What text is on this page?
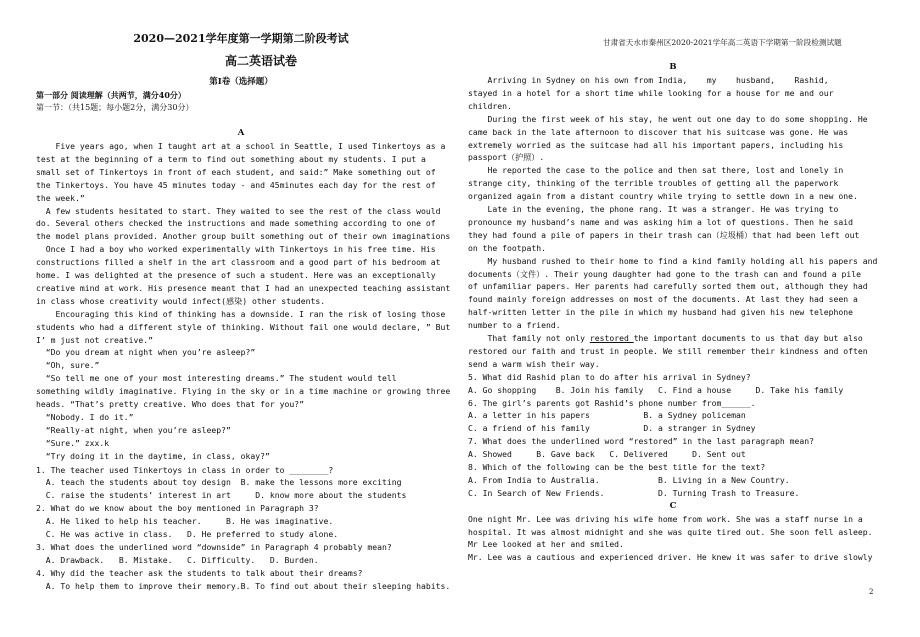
甘肃省天水市秦州区2020-2021学年高二英语下学期第一阶段检测试题
2020—2021学年度第一学期第二阶段考试
高二英语试卷
第Ⅰ卷（选择题）
第一部分 阅读理解（共两节，满分40分）
第一节：（共15题；每小题2分，满分30分）
A
Five years ago, when I taught art at a school in Seattle, I used Tinkertoys as a
test at the beginning of a term to find out something about my students. I put a
small set of Tinkertoys in front of each student, and said:” Make something out of
the Tinkertoys. You have 45 minutes today - and 45minutes each day for the rest of
the week.”
A few students hesitated to start. They waited to see the rest of the class would
do. Several others checked the instructions and made something according to one of
the model plans provided. Another group built something out of their own imaginations
Once I had a boy who worked experimentally with Tinkertoys in his free time. His
constructions filled a shelf in the art classroom and a good part of his bedroom at
home. I was delighted at the presence of such a student. Here was an exceptionally
creative mind at work. His presence meant that I had an unexpected teaching assistant
in class whose creativity would infect(感染) other students.
Encouraging this kind of thinking has a downside. I ran the risk of losing those
students who had a different style of thinking. Without fail one would declare, ” But
I’ m just not creative.”
“Do you dream at night when you’re asleep?”
“Oh, sure.”
“So tell me one of your most interesting dreams.” The student would tell
something wildly imaginative. Flying in the sky or in a time machine or growing three
heads. “That’s pretty creative. Who does that for you?”
“Nobody. I do it.”
“Really-at night, when you’re asleep?”
“Sure.” zxx.k
“Try doing it in the daytime, in class, okay?”
1. The teacher used Tinkertoys in class in order to ________?
A. teach the students about toy design  B. make the lessons more exciting
C. raise the students’ interest in art     D. know more about the students
2. What do we know about the boy mentioned in Paragraph 3?
A. He liked to help his teacher.     B. He was imaginative.
C. He was active in class.   D. He preferred to study alone.
3. What does the underlined word “downside” in Paragraph 4 probably mean?
A. Drawback.   B. Mistake.   C. Difficulty.   D. Burden.
4. Why did the teacher ask the students to talk about their dreams?
A. To help them to improve their memory.B. To find out about their sleeping habits.
B
That family not only restored the important documents to us that day but also
C
Arriving in Sydney on his own from India,    my    husband,    Rashid,
stayed in a hotel for a short time while looking for a house for me and our
children.
During the first week of his stay, he went out one day to do some shopping. He
came back in the late afternoon to discover that his suitcase was gone. He was
extremely worried as the suitcase had all his important papers, including his
passport（护照）.
He reported the case to the police and then sat there, lost and lonely in
strange city, thinking of the terrible troubles of getting all the paperwork
organized again from a distant country while trying to settle down in a new one.
Late in the evening, the phone rang. It was a stranger. He was trying to
pronounce my husband’s name and was asking him a lot of questions. Then he said
they had found a pile of papers in their trash can（垃圾桶）that had been left out
on the footpath.
My husband rushed to their home to find a kind family holding all his papers and
documents（文件）. Their young daughter had gone to the trash can and found a pile
of unfamiliar papers. Her parents had carefully sorted them out, although they had
found mainly foreign addresses on most of the documents. At last they had seen a
half-written letter in the pile in which my husband had given his new telephone
number to a friend.
restored our faith and trust in people. We still remember their kindness and often
send a warm wish their way.
5. What did Rashid plan to do after his arrival in Sydney?
A. Go shopping    B. Join his family   C. Find a house     D. Take his family
6. The girl’s parents got Rashid’s phone number from______.
A. a letter in his papers           B. a Sydney policeman
C. a friend of his family           D. a stranger in Sydney
7. What does the underlined word “restored” in the last paragraph mean?
A. Showed     B. Gave back   C. Delivered     D. Sent out
8. Which of the following can be the best title for the text?
A. From India to Australia.            B. Living in a New Country.
C. In Search of New Friends.           D. Turning Trash to Treasure.
One night Mr. Lee was driving his wife home from work. She was a staff nurse in a
hospital. It was almost midnight and she was quite tired out. She soon fell asleep.
Mr Lee looked at her and smiled.
Mr. Lee was a cautious and experienced driver. He knew it was safer to drive slowly
2
